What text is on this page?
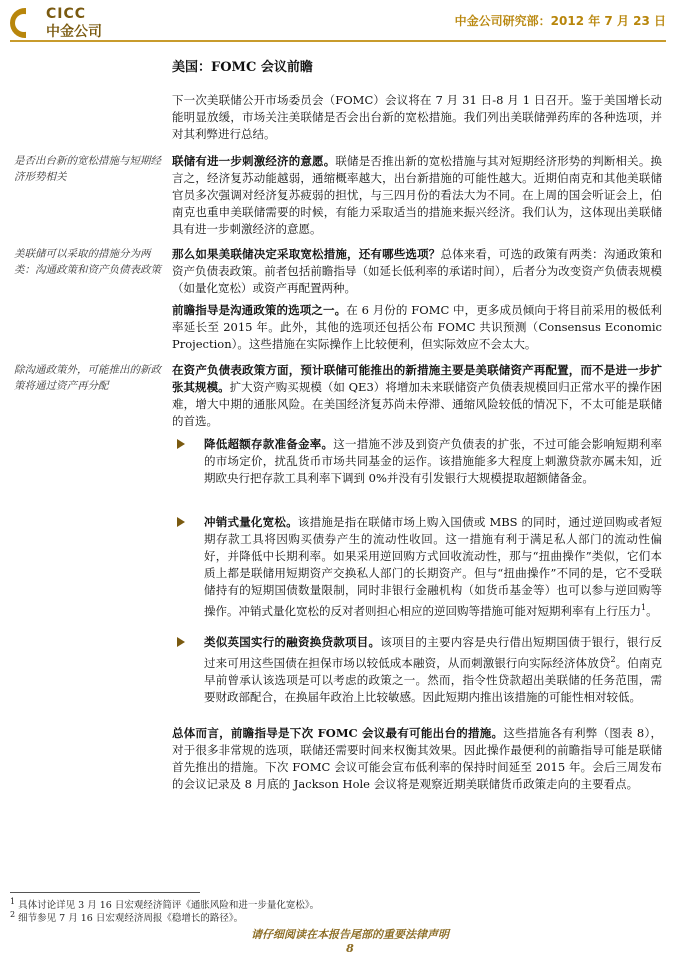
CICC
中金公司
中金公司研究部：2012 年 7 月 23 日
美国：FOMC 会议前瞻
下一次美联储公开市场委员会（FOMC）会议将在 7 月 31 日-8 月 1 日召开。鉴于美国增长动能明显放缓，市场关注美联储是否会出台新的宽松措施。我们列出美联储弹药库的各种选项，并对其利弊进行总结。
是否出台新的宽松措施与短期经济形势相关
联储有进一步刺激经济的意愿。联储是否推出新的宽松措施与其对短期经济形势的判断相关。换言之，经济复苏动能越弱，通缩概率越大，出台新措施的可能性越大。近期伯南克和其他美联储官员多次强调对经济复苏疲弱的担忧，与三四月份的看法大为不同。在上周的国会听证会上，伯南克也重申美联储需要的时候，有能力采取适当的措施来振兴经济。我们认为，这体现出美联储具有进一步刺激经济的意愿。
美联储可以采取的措施分为两类：沟通政策和资产负债表政策
那么如果美联储决定采取宽松措施，还有哪些选项？总体来看，可选的政策有两类：沟通政策和资产负债表政策。前者包括前瞻指导（如延长低利率的承诺时间），后者分为改变资产负债表规模（如量化宽松）或资产再配置两种。
前瞻指导是沟通政策的选项之一。在 6 月份的 FOMC 中，更多成员倾向于将目前采用的极低利率延长至 2015 年。此外，其他的选项还包括公布 FOMC 共识预测（Consensus Economic Projection）。这些措施在实际操作上比较便利，但实际效应不会太大。
除沟通政策外，可能推出的新政策将通过资产再分配
在资产负债表政策方面，预计联储可能推出的新措施主要是美联储资产再配置，而不是进一步扩张其规模。扩大资产购买规模（如 QE3）将增加未来联储资产负债表规模回归正常水平的操作困难，增大中期的通胀风险。在美国经济复苏尚未停滞、通缩风险较低的情况下，不太可能是联储的首选。
降低超额存款准备金率。这一措施不涉及到资产负债表的扩张，不过可能会影响短期利率的市场定价，扰乱货币市场共同基金的运作。该措施能多大程度上刺激贷款亦属未知，近期欧央行把存款工具利率下调到 0%并没有引发银行大规模提取超额储备金。
冲销式量化宽松。该措施是指在联储市场上购入国债或 MBS 的同时，通过逆回购或者短期存款工具将因购买债券产生的流动性收回。这一措施有利于满足私人部门的流动性偏好，并降低中长期利率。如果采用逆回购方式回收流动性，那与“扭曲操作”类似，它们本质上都是联储用短期资产交换私人部门的长期资产。但与“扭曲操作”不同的是，它不受联储持有的短期国债数量限制，同时非银行金融机构（如货币基金等）也可以参与逆回购等操作。冲销式量化宽松的反对者则担心相应的逆回购等措施可能对短期利率有上行压力$^1$。
类似英国实行的融资换贷款项目。该项目的主要内容是央行借出短期国债于银行，银行反过来可用这些国债在担保市场以较低成本融资，从而刺激银行向实际经济体放贷$^2$。伯南克早前曾承认该选项是可以考虑的政策之一。然而，指令性贷款超出美联储的任务范围，需要财政部配合，在换届年政治上比较敏感。因此短期内推出该措施的可能性相对较低。
总体而言，前瞻指导是下次 FOMC 会议最有可能出台的措施。这些措施各有利弊（图表 8），对于很多非常规的选项，联储还需要时间来权衡其效果。因此操作最便利的前瞻指导可能是联储首先推出的措施。下次 FOMC 会议可能会宣布低利率的保持时间延至 2015 年。会后三周发布的会议记录及 8 月底的 Jackson Hole 会议将是观察近期美联储货币政策走向的主要看点。
$^1$ 具体讨论详见 3 月 16 日宏观经济简评《通胀风险和进一步量化宽松》。
$^2$ 细节参见 7 月 16 日宏观经济周报《稳增长的路径》。
请仔细阅读在本报告尾部的重要法律声明
8
